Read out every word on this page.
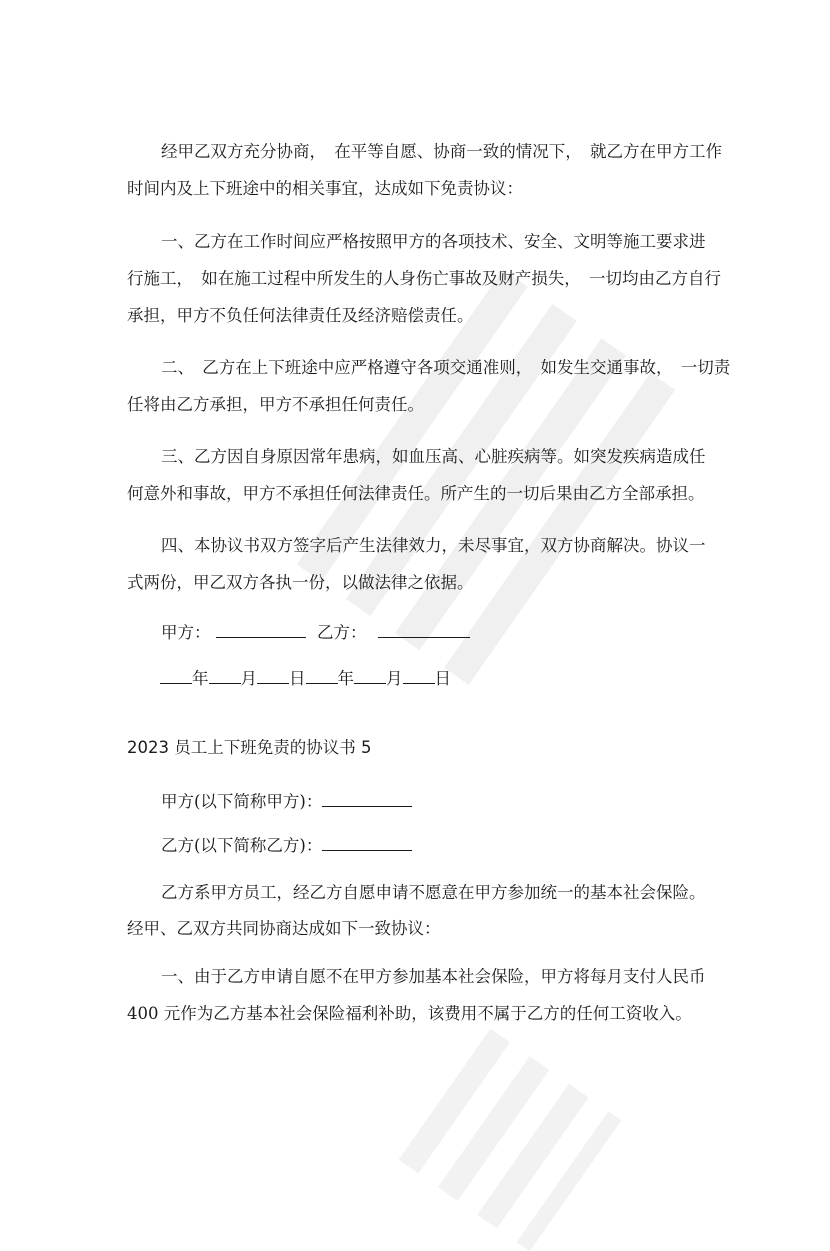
经甲乙双方充分协商，　在平等自愿、协商一致的情况下，　就乙方在甲方工作
时间内及上下班途中的相关事宜，达成如下免责协议：
一、乙方在工作时间应严格按照甲方的各项技术、安全、文明等施工要求进
行施工，　如在施工过程中所发生的人身伤亡事故及财产损失，　一切均由乙方自行
承担，甲方不负任何法律责任及经济赔偿责任。
二、　乙方在上下班途中应严格遵守各项交通准则，　如发生交通事故，　一切责
任将由乙方承担，甲方不承担任何责任。
三、乙方因自身原因常年患病，如血压高、心脏疾病等。如突发疾病造成任
何意外和事故，甲方不承担任何法律责任。所产生的一切后果由乙方全部承担。
四、本协议书双方签字后产生法律效力，未尽事宜，双方协商解决。协议一
式两份，甲乙双方各执一份，以做法律之依据。
甲方：	乙方：
年 月 日 年 月 日
2023 员工上下班免责的协议书 5
甲方(以下简称甲方)：
乙方(以下简称乙方)：
乙方系甲方员工，经乙方自愿申请不愿意在甲方参加统一的基本社会保险。
经甲、乙双方共同协商达成如下一致协议：
一、由于乙方申请自愿不在甲方参加基本社会保险，甲方将每月支付人民币
400 元作为乙方基本社会保险福利补助，该费用不属于乙方的任何工资收入。
